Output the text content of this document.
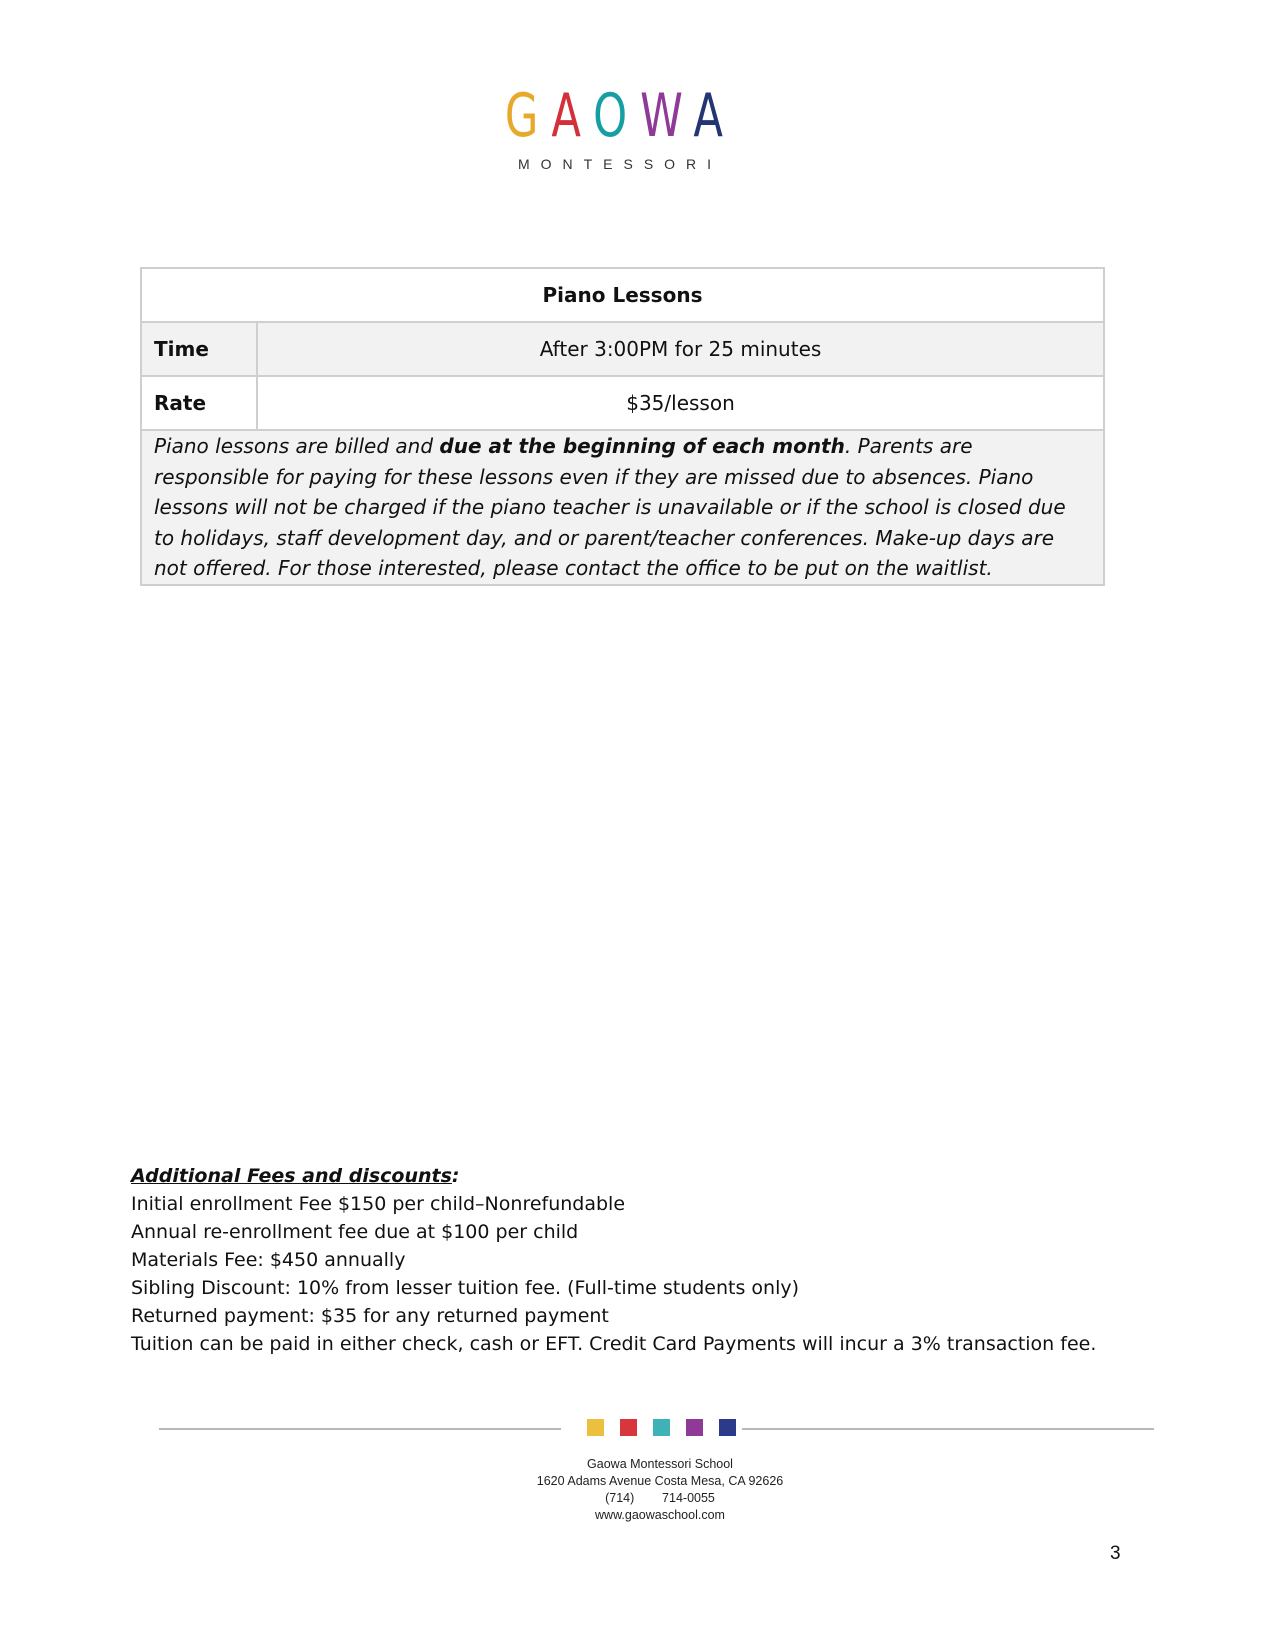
GAOWA
MONTESSORI
Piano Lessons	
Time	After 3:00PM for 25 minutes
Rate	$35/lesson
Piano lessons are billed and due at the beginning of each month. Parents are responsible for paying for these lessons even if they are missed due to absences. Piano lessons will not be charged if the piano teacher is unavailable or if the school is closed due to holidays, staff development day, and or parent/teacher conferences. Make-up days are not offered. For those interested, please contact the office to be put on the waitlist.	
Additional Fees and discounts:
Initial enrollment Fee $150 per child–Nonrefundable
Annual re-enrollment fee due at $100 per child
Materials Fee: $450 annually
Sibling Discount: 10% from lesser tuition fee. (Full-time students only)
Returned payment: $35 for any returned payment
Tuition can be paid in either check, cash or EFT. Credit Card Payments will incur a 3% transaction fee.
Gaowa Montessori School
1620 Adams Avenue Costa Mesa, CA 92626
(714)        714-0055
www.gaowaschool.com
3
